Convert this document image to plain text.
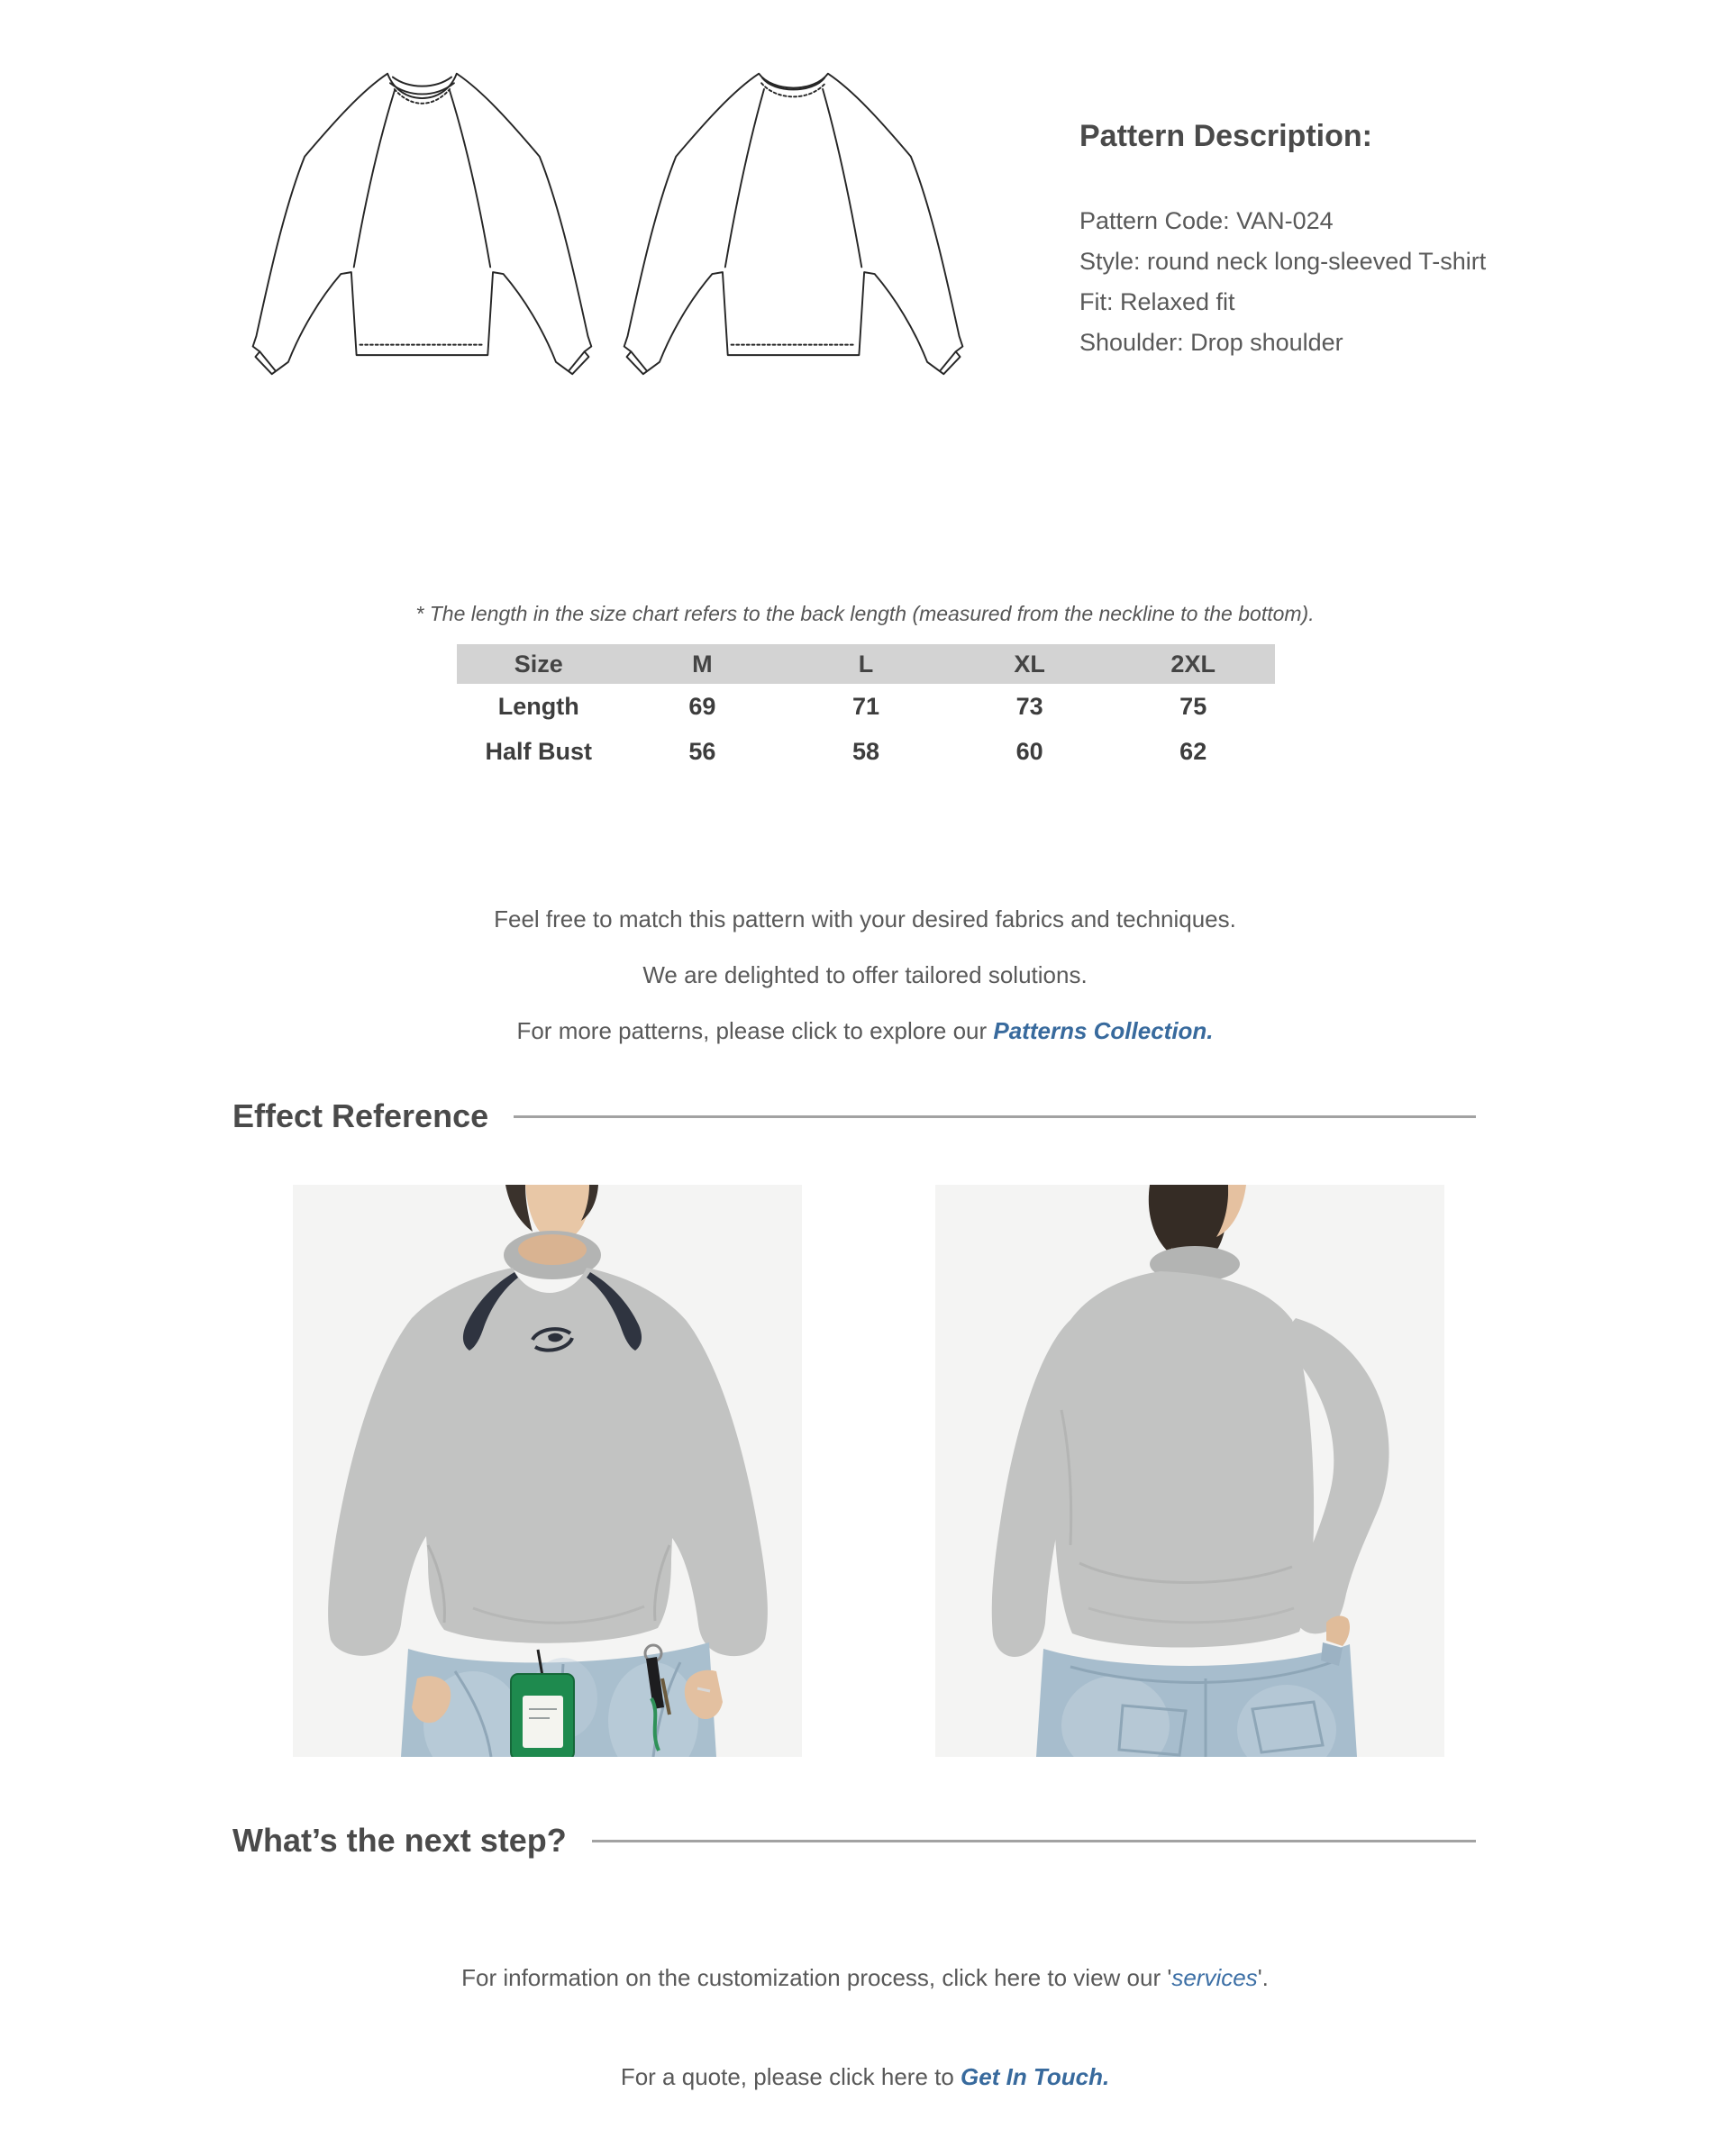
Pattern Description:

Pattern Code: VAN-024

Style: round neck long-sleeved T-shirt

Fit: Relaxed fit

Shoulder: Drop shoulder

* The length in the size chart refers to the back length (measured from the neckline to the bottom).
Size	M	L	XL	2XL
Length	69	71	73	75
Half Bust	56	58	60	62

Feel free to match this pattern with your desired fabrics and techniques.

We are delighted to offer tailored solutions.

For more patterns, please click to explore our Patterns Collection.

Effect Reference
What’s the next step?

For information on the customization process, click here to view our 'services'.

For a quote, please click here to Get In Touch.
